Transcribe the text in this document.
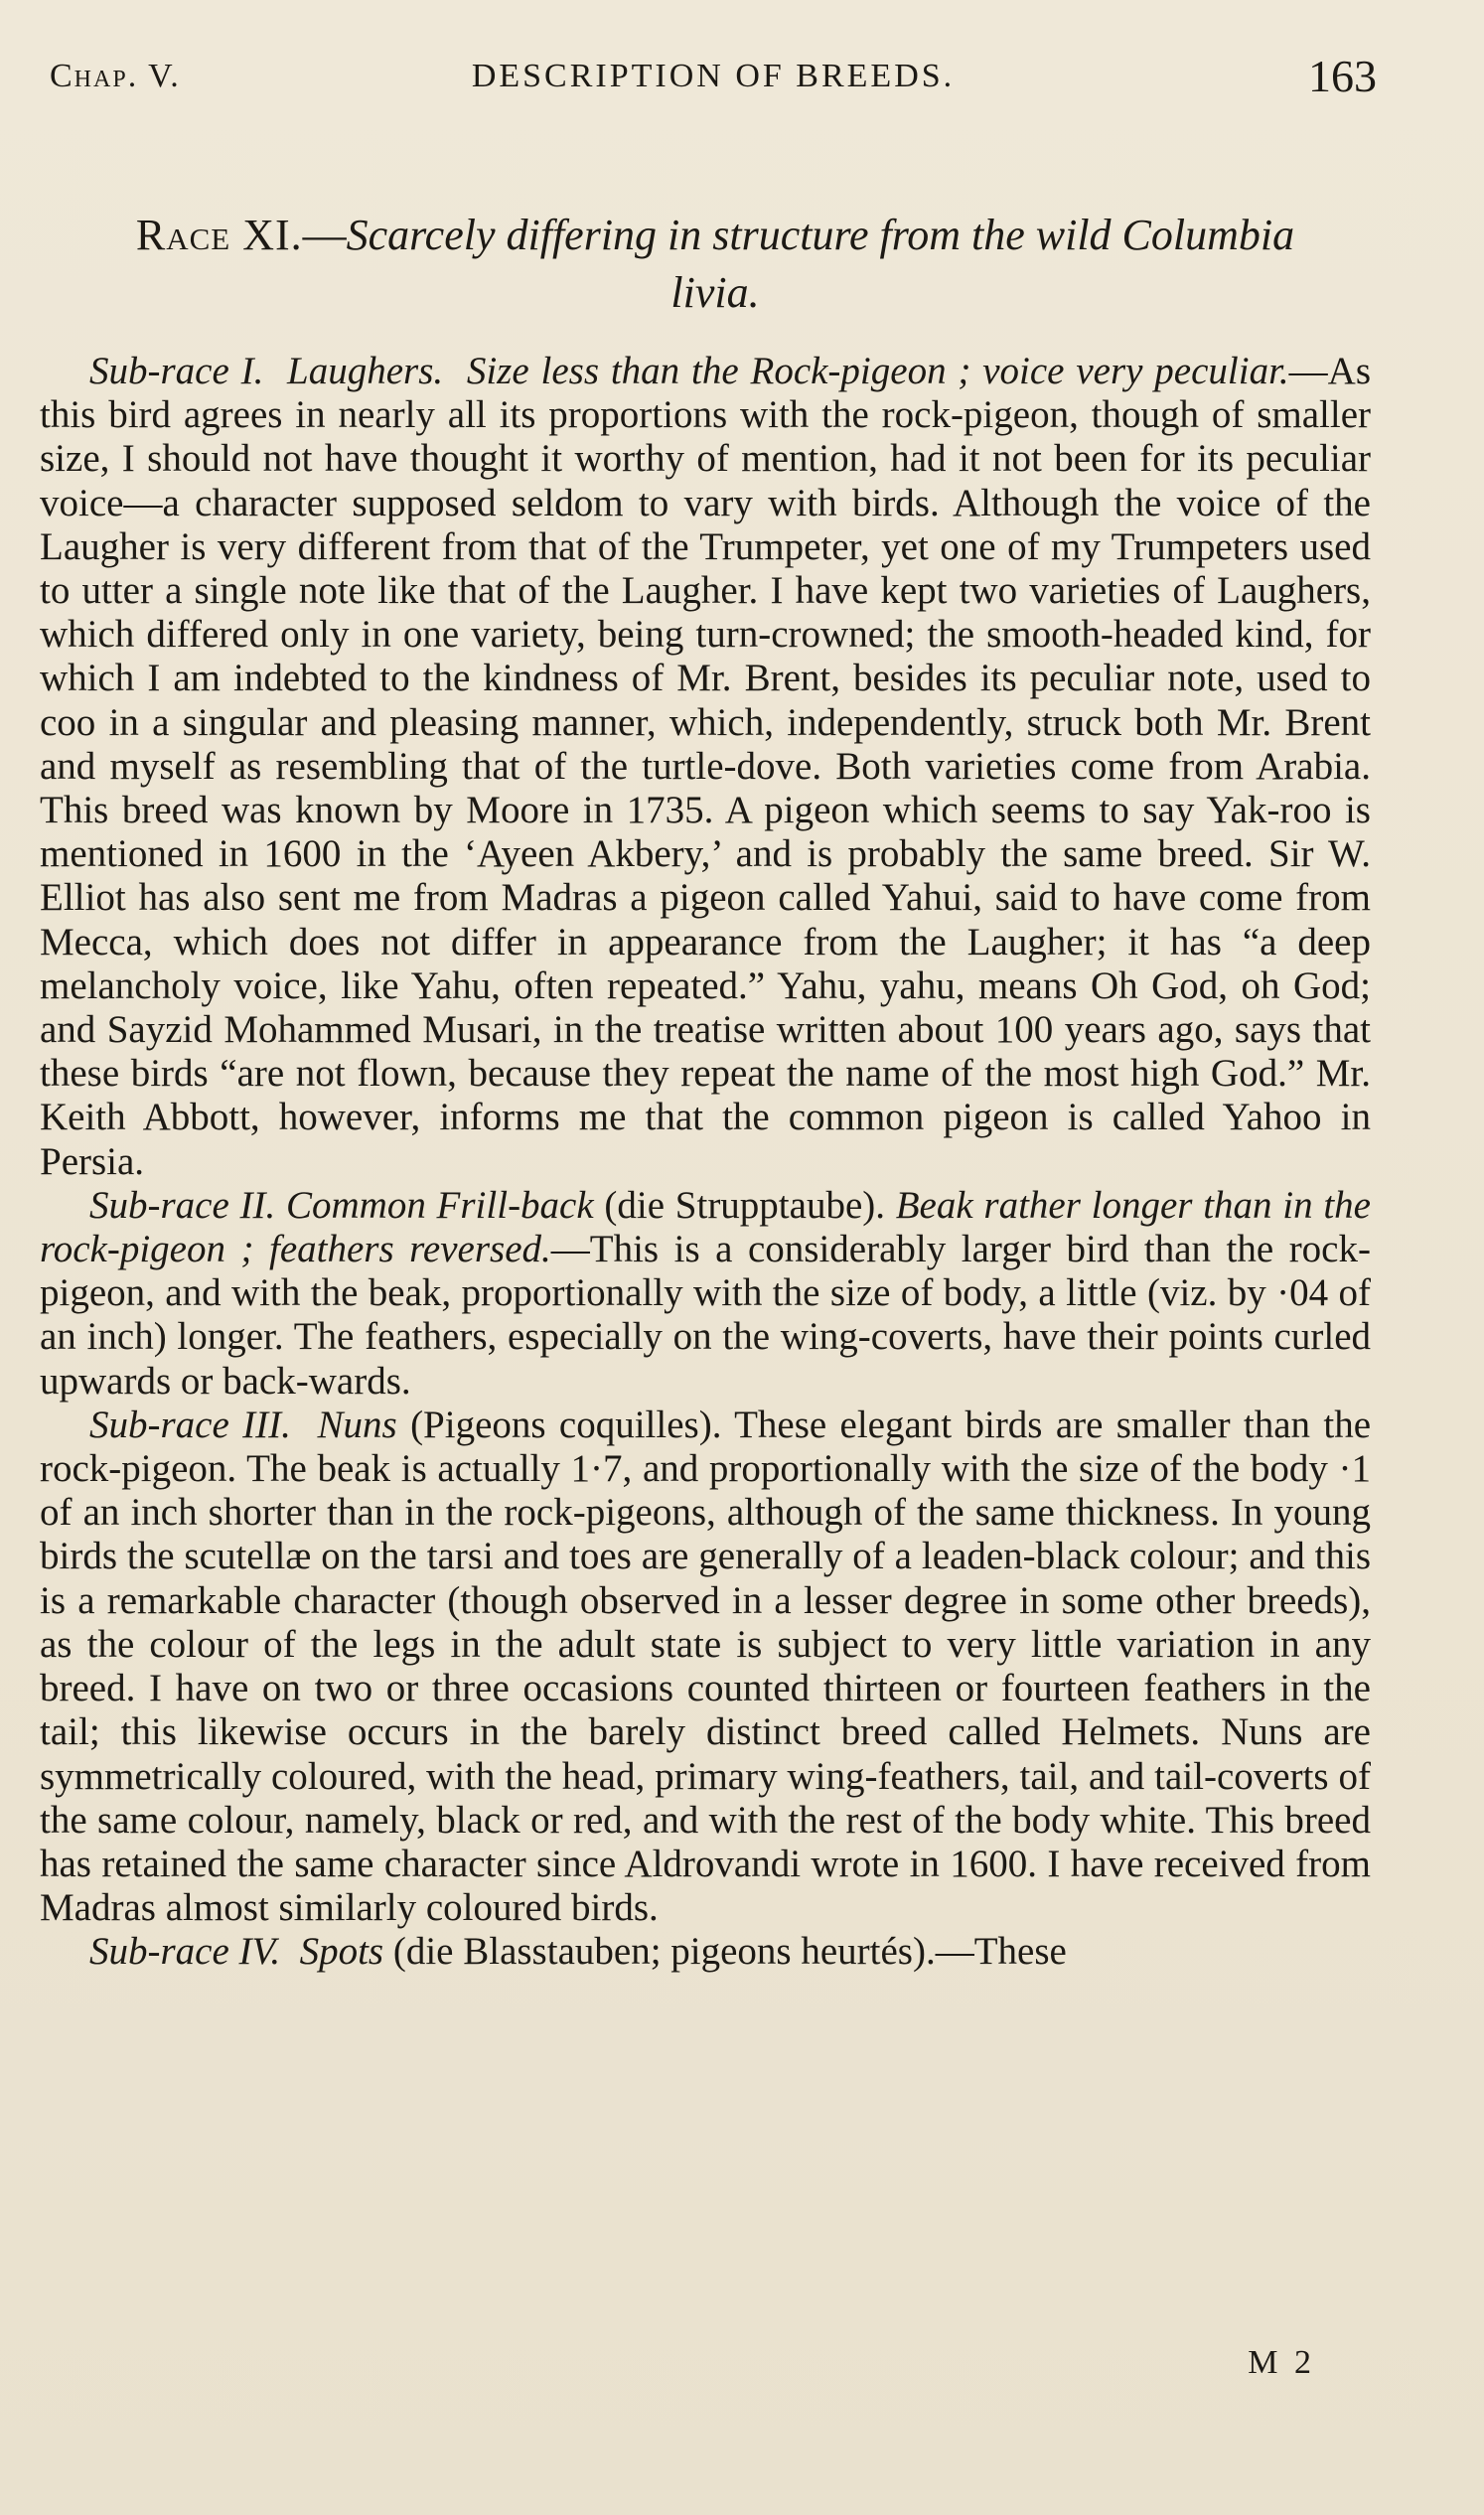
Chap. V.	DESCRIPTION OF BREEDS.	163
Race XI.—Scarcely differing in structure from the wild Columbia livia.

Sub-race I. Laughers. Size less than the Rock-pigeon ; voice very peculiar.—As this bird agrees in nearly all its proportions with the rock-pigeon, though of smaller size, I should not have thought it worthy of mention, had it not been for its peculiar voice—a character supposed seldom to vary with birds. Although the voice of the Laugher is very different from that of the Trumpeter, yet one of my Trumpeters used to utter a single note like that of the Laugher. I have kept two varieties of Laughers, which differed only in one variety, being turn-crowned; the smooth-headed kind, for which I am indebted to the kindness of Mr. Brent, besides its peculiar note, used to coo in a singular and pleasing manner, which, independently, struck both Mr. Brent and myself as resembling that of the turtle-dove. Both varieties come from Arabia. This breed was known by Moore in 1735. A pigeon which seems to say Yak-roo is mentioned in 1600 in the ‘Ayeen Akbery,’ and is probably the same breed. Sir W. Elliot has also sent me from Madras a pigeon called Yahui, said to have come from Mecca, which does not differ in appearance from the Laugher; it has “a deep melancholy voice, like Yahu, often repeated.” Yahu, yahu, means Oh God, oh God; and Sayzid Mohammed Musari, in the treatise written about 100 years ago, says that these birds “are not flown, because they repeat the name of the most high God.” Mr. Keith Abbott, however, informs me that the common pigeon is called Yahoo in Persia.

Sub-race II. Common Frill-back (die Strupptaube). Beak rather longer than in the rock-pigeon ; feathers reversed.—This is a considerably larger bird than the rock-pigeon, and with the beak, proportionally with the size of body, a little (viz. by ·04 of an inch) longer. The feathers, especially on the wing-coverts, have their points curled upwards or back-wards.

Sub-race III. Nuns (Pigeons coquilles). These elegant birds are smaller than the rock-pigeon. The beak is actually 1·7, and proportionally with the size of the body ·1 of an inch shorter than in the rock-pigeons, although of the same thickness. In young birds the scutellæ on the tarsi and toes are generally of a leaden-black colour; and this is a remarkable character (though observed in a lesser degree in some other breeds), as the colour of the legs in the adult state is subject to very little variation in any breed. I have on two or three occasions counted thirteen or fourteen feathers in the tail; this likewise occurs in the barely distinct breed called Helmets. Nuns are symmetrically coloured, with the head, primary wing-feathers, tail, and tail-coverts of the same colour, namely, black or red, and with the rest of the body white. This breed has retained the same character since Aldrovandi wrote in 1600. I have received from Madras almost similarly coloured birds.

Sub-race IV. Spots (die Blasstauben; pigeons heurtés).—These

M 2
